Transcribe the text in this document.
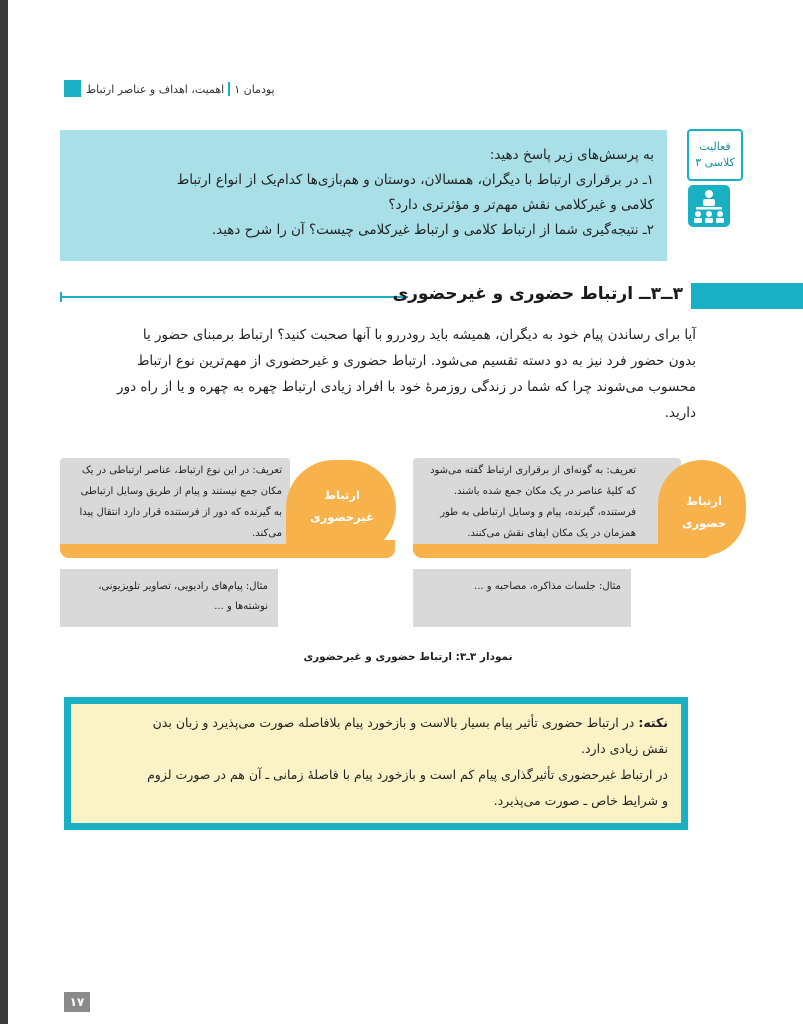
پودمان ۱
اهمیت، اهداف و عناصر ارتباط
به پرسش‌های زیر پاسخ دهید:
۱ـ در برقراری ارتباط با دیگران، همسالان، دوستان و هم‌بازی‌ها کدام‌یک از انواع ارتباط
کلامی و غیرکلامی نقش مهم‌تر و مؤثرتری دارد؟
۲ـ نتیجه‌گیری شما از ارتباط کلامی و ارتباط غیرکلامی چیست؟ آن را شرح دهید.
فعالیت
کلاسی ۳
۳ــ۳ــ ارتباط حضوری و غیرحضوری
آیا برای رساندن پیام خود به دیگران، همیشه باید رودررو با آنها صحبت کنید؟ ارتباط برمبنای حضور یا
بدون حضور فرد نیز به دو دسته تقسیم می‌شود. ارتباط حضوری و غیرحضوری از مهم‌ترین نوع ارتباط
محسوب می‌شوند چرا که شما در زندگی روزمرهٔ خود با افراد زیادی ارتباط چهره به چهره و یا از راه دور
دارید.
ارتباط حضوری
تعریف: به گونه‌ای از برقراری ارتباط گفته می‌شود
که کلیهٔ عناصر در یک مکان جمع شده باشند.
فرستنده، گیرنده، پیام و وسایل ارتباطی به طور
همزمان در یک مکان ایفای نقش می‌کنند.
مثال: جلسات مذاکره، مصاحبه و ...
ارتباط
غیرحضوری
تعریف: در این نوع ارتباط، عناصر ارتباطی در یک
مکان جمع نیستند و پیام از طریق وسایل ارتباطی
به گیرنده که دور از فرستنده قرار دارد انتقال پیدا
می‌کند.
مثال: پیام‌های رادیویی، تصاویر تلویزیونی،
نوشته‌ها و ...
نمودار ۳ـ۳: ارتباط حضوری و غیرحضوری
نکته: در ارتباط حضوری تأثیر پیام بسیار بالاست و بازخورد پیام بلافاصله صورت می‌پذیرد و زبان بدن
نقش زیادی دارد.
در ارتباط غیرحضوری تأثیرگذاری پیام کم است و بازخورد پیام با فاصلهٔ زمانی ـ آن هم در صورت لزوم
و شرایط خاص ـ صورت می‌پذیرد.
۱۷
